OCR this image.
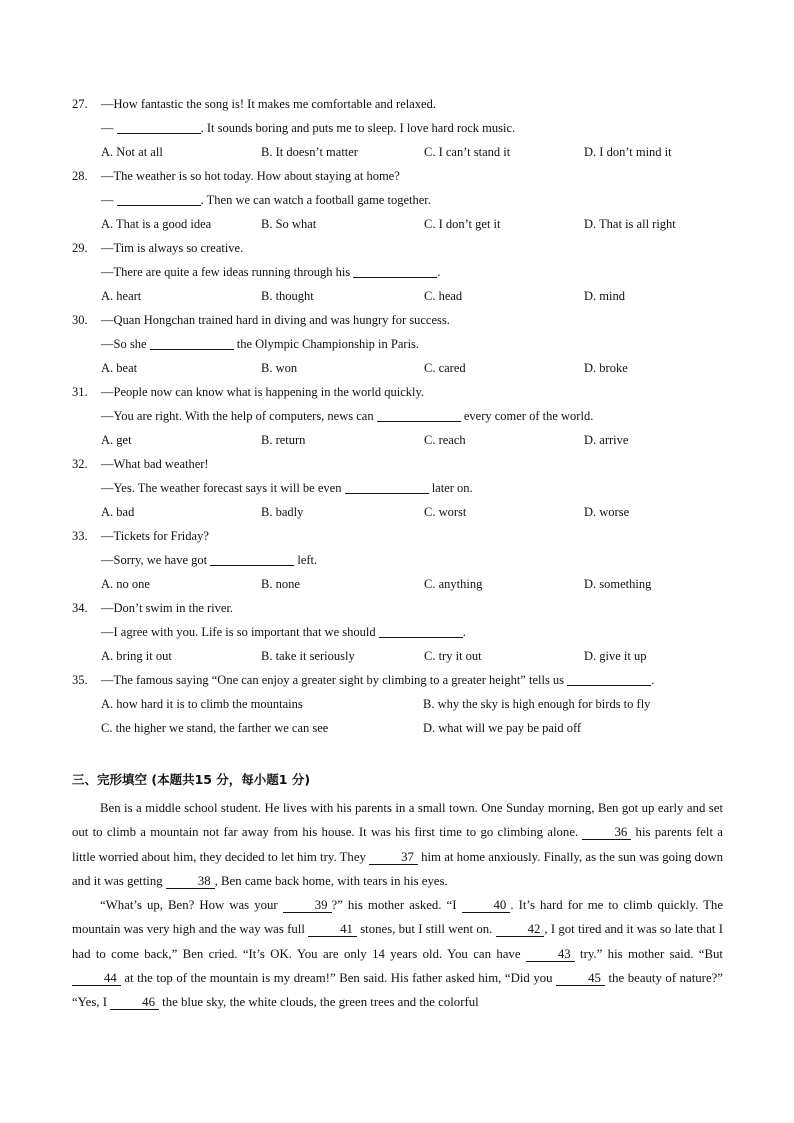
27.	—How fantastic the song is! It makes me comfortable and relaxed.
—	. It sounds boring and puts me to sleep. I love hard rock music.
A. Not at all	B. It doesn’t matter	C. I can’t stand it	D. I don’t mind it
28.	—The weather is so hot today. How about staying at home?
—	. Then we can watch a football game together.
A. That is a good idea	B. So what	C. I don’t get it	D. That is all right
29.	—Tim is always so creative.
—There are quite a few ideas running through his	.
A. heart	B. thought	C. head	D. mind
30.	—Quan Hongchan trained hard in diving and was hungry for success.
—So she	the Olympic Championship in Paris.
A. beat	B. won	C. cared	D. broke
31.	—People now can know what is happening in the world quickly.
—You are right. With the help of computers, news can	every comer of the world.
A. get	B. return	C. reach	D. arrive
32.	—What bad weather!
—Yes. The weather forecast says it will be even	later on.
A. bad	B. badly	C. worst	D. worse
33.	—Tickets for Friday?
—Sorry, we have got	left.
A. no one	B. none	C. anything	D. something
34.	—Don’t swim in the river.
—I agree with you. Life is so important that we should	.
A. bring it out	B. take it seriously	C. try it out	D. give it up
35.	—The famous saying “One can enjoy a greater sight by climbing to a greater height” tells us	.
A. how hard it is to climb the mountains	B. why the sky is high enough for birds to fly
C. the higher we stand, the farther we can see	D. what will we pay be paid off
三、完形填空 (本题共15 分，每小题1 分)

Ben is a middle school student. He lives with his parents in a small town. One Sunday morning, Ben got up early and set out to climb a mountain not far away from his house. It was his first time to go climbing alone.	36 his parents felt a little worried about him, they decided to let him try. They	37 him at home anxiously. Finally, as the sun was going down and it was getting	38 , Ben came back home, with tears in his eyes.

“What’s up, Ben? How was your	39 ?” his mother asked. “I	40 . It’s hard for me to climb quickly. The mountain was very high and the way was full	41 stones, but I still went on.	42 , I got tired and it was so late that I had to come back,” Ben cried. “It’s OK. You are only 14 years old. You can have	43 try.” his mother said. “But 44 at the top of the mountain is my dream!” Ben said. His father asked him, “Did you	45 the beauty of nature?” “Yes, I	46 the blue sky, the white clouds, the green trees and the colorful
